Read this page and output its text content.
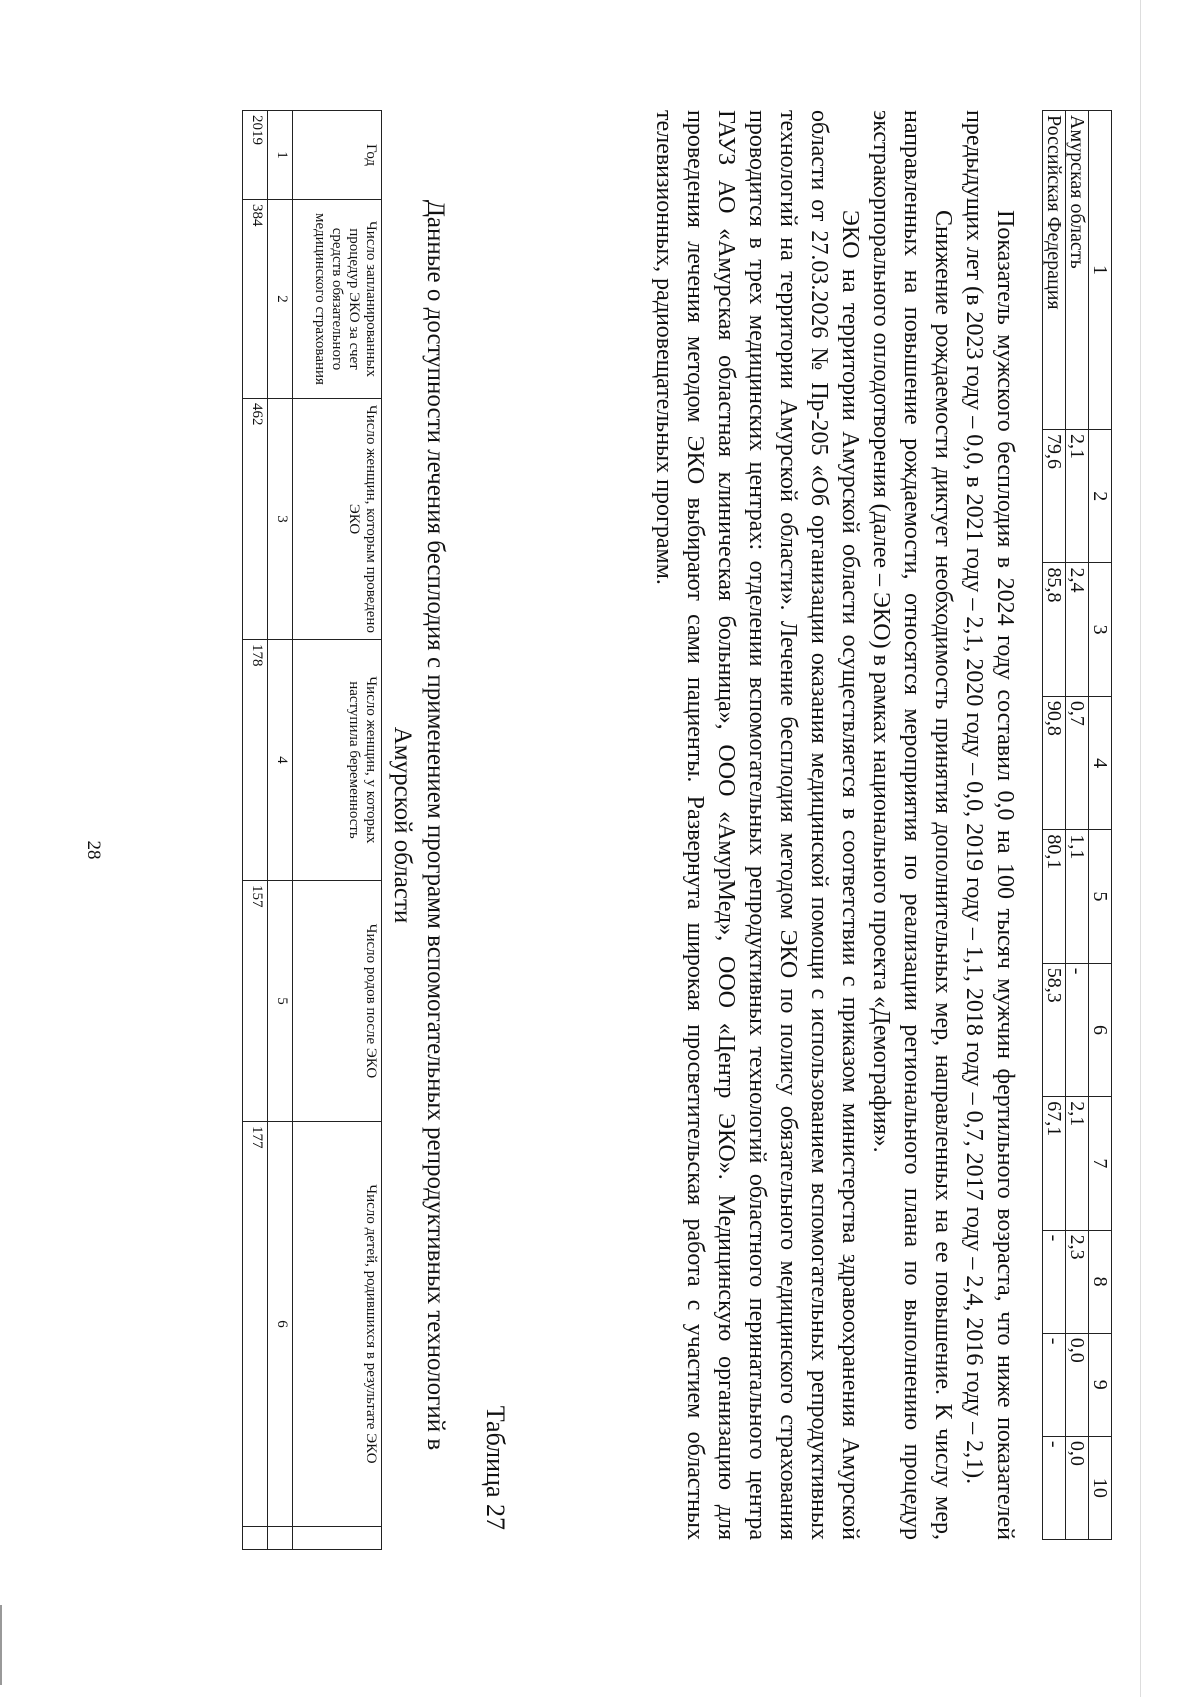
28
1	2	3	4	5	6	7	8	9	10
Амурская область	2,1	2,4	0,7	1,1	-	2,1	2,3	0,0	0,0
Российская Федерация	79,6	85,8	90,8	80,1	58,3	67,1	-	-	-

Показатель мужского бесплодия в 2024 году составил 0,0 на 100 тысяч мужчин фертильного возраста, что ниже показателей предыдущих лет (в 2023 году – 0,0, в 2021 году – 2,1, 2020 году – 0,0, 2019 году – 1,1, 2018 году – 0,7, 2017 году – 2,4, 2016 году – 2,1).

Снижение рождаемости диктует необходимость принятия дополнительных мер, направленных на ее повышение. К числу мер, направленных на повышение рождаемости, относятся мероприятия по реализации регионального плана по выполнению процедур экстракорпорального оплодотворения (далее – ЭКО) в рамках национального проекта «Демография».

ЭКО на территории Амурской области осуществляется в соответствии с приказом министерства здравоохранения Амурской области от 27.03.2026 № Пр-205 «Об организации оказания медицинской помощи с использованием вспомогательных репродуктивных технологий на территории Амурской области». Лечение бесплодия методом ЭКО по полису обязательного медицинского страхования проводится в трех медицинских центрах: отделении вспомогательных репродуктивных технологий областного перинатального центра ГАУЗ АО «Амурская областная клиническая больница», ООО «АмурМед», ООО «Центр ЭКО». Медицинскую организацию для проведения лечения методом ЭКО выбирают сами пациенты. Развернута широкая просветительская работа с участием областных телевизионных, радиовещательных программ.

Таблица 27
Данные о доступности лечения бесплодия с применением программ вспомогательных репродуктивных технологий в Амурской области
Год	Число запланированных процедур ЭКО за счет средств обязательного медицинского страхования	Число женщин, которым проведено ЭКО	Число женщин, у которых наступила беременность	Число родов после ЭКО	Число детей, родившихся в результате ЭКО	
1	2	3	4	5	6	
2019	384	462	178	157	177	
